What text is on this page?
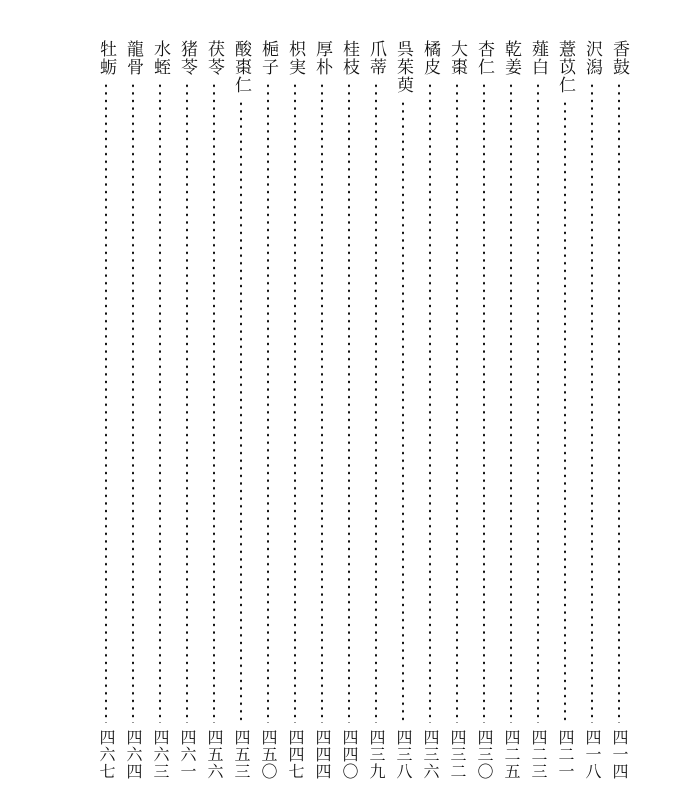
香鼓
四一四
沢潟
四一八
薏苡仁
四二一
薤白
四二三
乾姜
四二五
杏仁
四三〇
大棗
四三二
橘皮
四三六
呉茱萸
四三八
爪蒂
四三九
桂枝
四四〇
厚朴
四四四
枳実
四四七
梔子
四五〇
酸棗仁
四五三
茯苓
四五六
猪苓
四六一
水蛭
四六三
龍骨
四六四
牡蛎
四六七
